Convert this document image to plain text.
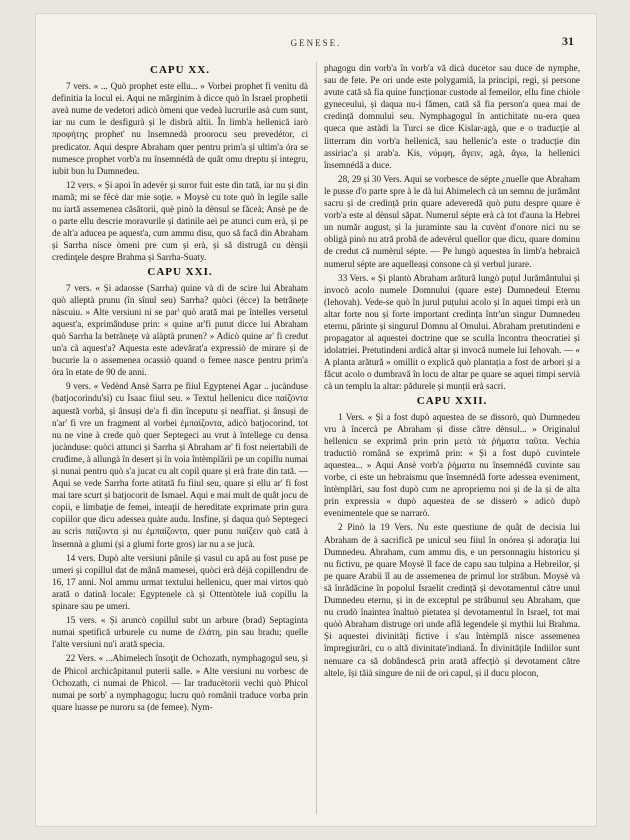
GENESE.	31
CAPU XX.

7 vers. « ... Quò prophet este ellu... » Vorbei prophet fi venitu dà definitia la locul ei. Aqui ne mărginim à dicce quò în Israel prophetii aveà nume de vedetori adicò òmeni que vedeà lucrurile asà cum sunt, iar nu cum le desfigurà și le disbrà altii. În limb'a hellenică iarò προφήτης prophet' nu însemnedà proorocu seu prevedétor, ci predicator. Aqui despre Abraham quer pentru prim'a și ultim'a óra se numesce prophet vorb'a nu însemnédà de quât omu dreptu și integru, iubit bun lu Dumnedeu.

12 vers. « Și apoi în adevër și suror fuit este din tată, iar nu și din mamă; mi se fécè dar mie soție. » Moysè cu tote quò în legile salle nu iartă assemenea căsătorii, què pinò la dènsul se făceà; Ansè pe de o parte ellu descrie moravurile și datinile aei pe atunci cum erà, și pe de alt'a aducea pe aquest'a, cum ammu disu, quo să facă din Abraham și Sarrha nisce òmeni pre cum și erà, și să distrugă cu dènșii credinţele despre Brahma și Sarrha-Suaty.

CAPU XXI.

7 vers. « Și adaosse (Sarrha) quine và di de scire lui Abraham quò alleptà prunu (în sînul seu) Sarrha? quòci (écce) la betrânețe nàscuiu. » Alte versiuni ni se par' quò arată mai pe întelles versetul aquest'a, exprimânduse prin: « quine ar'fi putut dicce lui Abraham quò Sarrha la betrânețe và alàptà prunen? » Adicò quine ar' fi credut un'a cà aquest'a? Aquesta este adevărat'a expressiò de mirare și de bucurie la o assemenea ocassiò quand o femee nasce pentru prim'a óra în etate de 90 de anni.

9 vers. « Vedènd Ansè Sarra pe fiiul Egyptenei Agar .. jucànduse (batjocorindu'si) cu Isaac fiiul seu. » Textul hellenicu dice παίζοντα aquestă vorbă, și ânsuși de'a fi din începutu și neaffiat. și ânsuși de n'ar' fi vre un fragment al vorbei ἐμπαίζοντα, adicò batjocorind, tot nu ne vine à crede quò quer Septegeci au vrut à întellege cu densa jucànduse: quòci attunci și Sarrha și Abraham ar' fi fost neiertabili de cruđime, à allungà în desert și în voia întèmplării pe un copillu numai și nunai pentru quò s'a jucat cu alt copil quare și erà frate din tată. — Aqui se vede Sarrha forte atitată fu fiiul seu, quare și ellu ar' fi fost mai tare scurt și batjocorit de Ismael. Aqui e mai mult de quât jocu de copii, e limbaţie de femei, inteaţii de hereditate exprimate prin gura copiilor que dicu adessea quàte audu. Insfine, și daqua quò Septegeci au scris παίζοντα și nu ἐμπαίζοντα, quer punu παίζειν quò cată à însemnà a glumi (și a glumi forte gros) iar nu a se jucà.

14 vers. Dupò alte versiuni pânile și vasul cu apă au fost puse pe umeri și copillul dat de mână mamesei, quòci erà déjà copillendru de 16, 17 anni. Nol ammu urmat textului hellenicu, quer mai virtos quò arată o datină locale: Egyptenele cà și Ottentòtele iuă copillu la spinare sau pe umeri.

15 vers. « Și aruncò copillul subt un arbure (brad) Septaginta numai spetifică urburele cu nume de ἐλάτη, pin sau bradu; quelle l'alte versiuni nu'i arată specia.

22 Vers. « ...Abimelech însoţit de Ochozath, nymphagogul seu, și de Phicol archicăpitanul puterii salle. » Alte versiuni nu vorbesc de Ochozath, ci numai de Phicol. — Iar traducètorii vechi quò Phicol numai pe sorb' a nymphagogu; lucru quò românii traduce vorba prin quare luasse pe nuroru sa (de femee). Nym-

phagogu din vorb'a în vorb'a vă dicà ducetor sau duce de nymphe, sau de fete. Pe ori unde este polygamiă, la principi, regi, și persone avute cată să fia quine funcționar custode al femeilor, ellu fine chiole gyneceului, și daqua nu-i fămen, cată să fia person'a quea mai de credință domnului seu. Nymphagogul în antichitate nu-era quea queca que astàdi la Turci se dice Kislar-agà, que e o traducție al litterram din vorb'a hellenică, sau hellenic'a este o traducție din assiriac'a și arab'a. Kis, νύμφη, ἄγειν, agà, ἄγω, la hellenici însemnédă a duce.

28, 29 și 30 Vers. Aqui se vorbesce de sépte ¿nuelle que Abraham le pusse d'o parte spre à le dà lui Abimelech cà un semnu de jurământ sacru și de credință prin quare adeveredă quò putu despre quare è vorb'a este al dènsul săpat. Numerul sépte erà cà tot d'auna la Hebrei un număr august, și la juraminte sau la cuvènt d'onore nici nu se obligà pinò nu atră probă de adevérul quellor que dicu, quare dominu de credut că numèrul sépte. — Pe lungò aquestea în limb'a hebraică numerul sépte are aquelleași consone cà și verbul jurare.

33 Vers. « Și plantò Abraham arătură lungò puțul Jurământului și invocò acolo numele Domnului (quare este) Dumnedeul Eternu (Iehovah). Vede-se quò în jurul puțului acolo și în aquei timpi erà un altar forte nou și forte important credința într'un singur Dumnedeu eternu, părinte și singurul Domnu al Omului. Abraham pretutindeni e propagator al aquestei doctrine que se sculla încontra theocratiei și idolatriei. Pretutindeni ardică altar și invocă numele lui Iehovah. — « A planta arătură » omillit o explică quò plantația a fost de arbori și a făcut acolo o dumbravă în locu de altar pe quare se aquei timpi servià cà un templu la altar: pădurele și munții erà sacri.

CAPU XXII.

1 Vers. « Și a fost dupò aquestea de se dissorò, quò Dumnedeu vru à încercà pe Abraham și disse către dènsul... » Originalul hellenicu se exprimă prin prin μετὰ τὰ ῥήματα ταῦτα. Vechia traductiò română se exprimă prin: « Și a fost dupò cuvintele aquestea... » Aqui Ansè vorb'a ῥήματα nu însemnédă cuvinte sau vorbe, ci este un hebraismu que însemnédă forte adessea eveniment, întèmplări, sau fost dupò cum ne apropriemu noi și de la și de alta prin expressia « dupò aquestea de se disserò » adicò dupò evenimentele que se narrarò.

2 Pinò la 19 Vers. Nu este questiune de quât de decisia lui Abraham de à sacrifică pe unicul seu fiiul în onórea și adoraţia lui Dumnedeu. Abraham, cum ammu dis, e un personnagiu historicu și nu fictivu, pe quare Moysè îl face de capu sau tulpina a Hebreilor, și pe quare Arabii îl au de assemenea de primul lor străbun. Moysè và să înrădăcine în popolul Israelit credință și devotamentul către unul Dumnedeu eternu, și in de exceptul pe străbunul seu Abraham, que nu crudò înaintea înaltuò pietatea și devotamentul în Israel, tot mai quòò Abraham distruge ori unde află legendele și mythii lui Brahma. Și aquestei divinități fictive i s'au întèmplă nisce assemenea împregiurări, cu o altă divinitate'indiană. În divinitățile Indiilor sunt nenuare ca să dobândescă prin arată affecțiò și devotament către altele, își tăià singure de nii de ori capul, și il ducu plocon,
